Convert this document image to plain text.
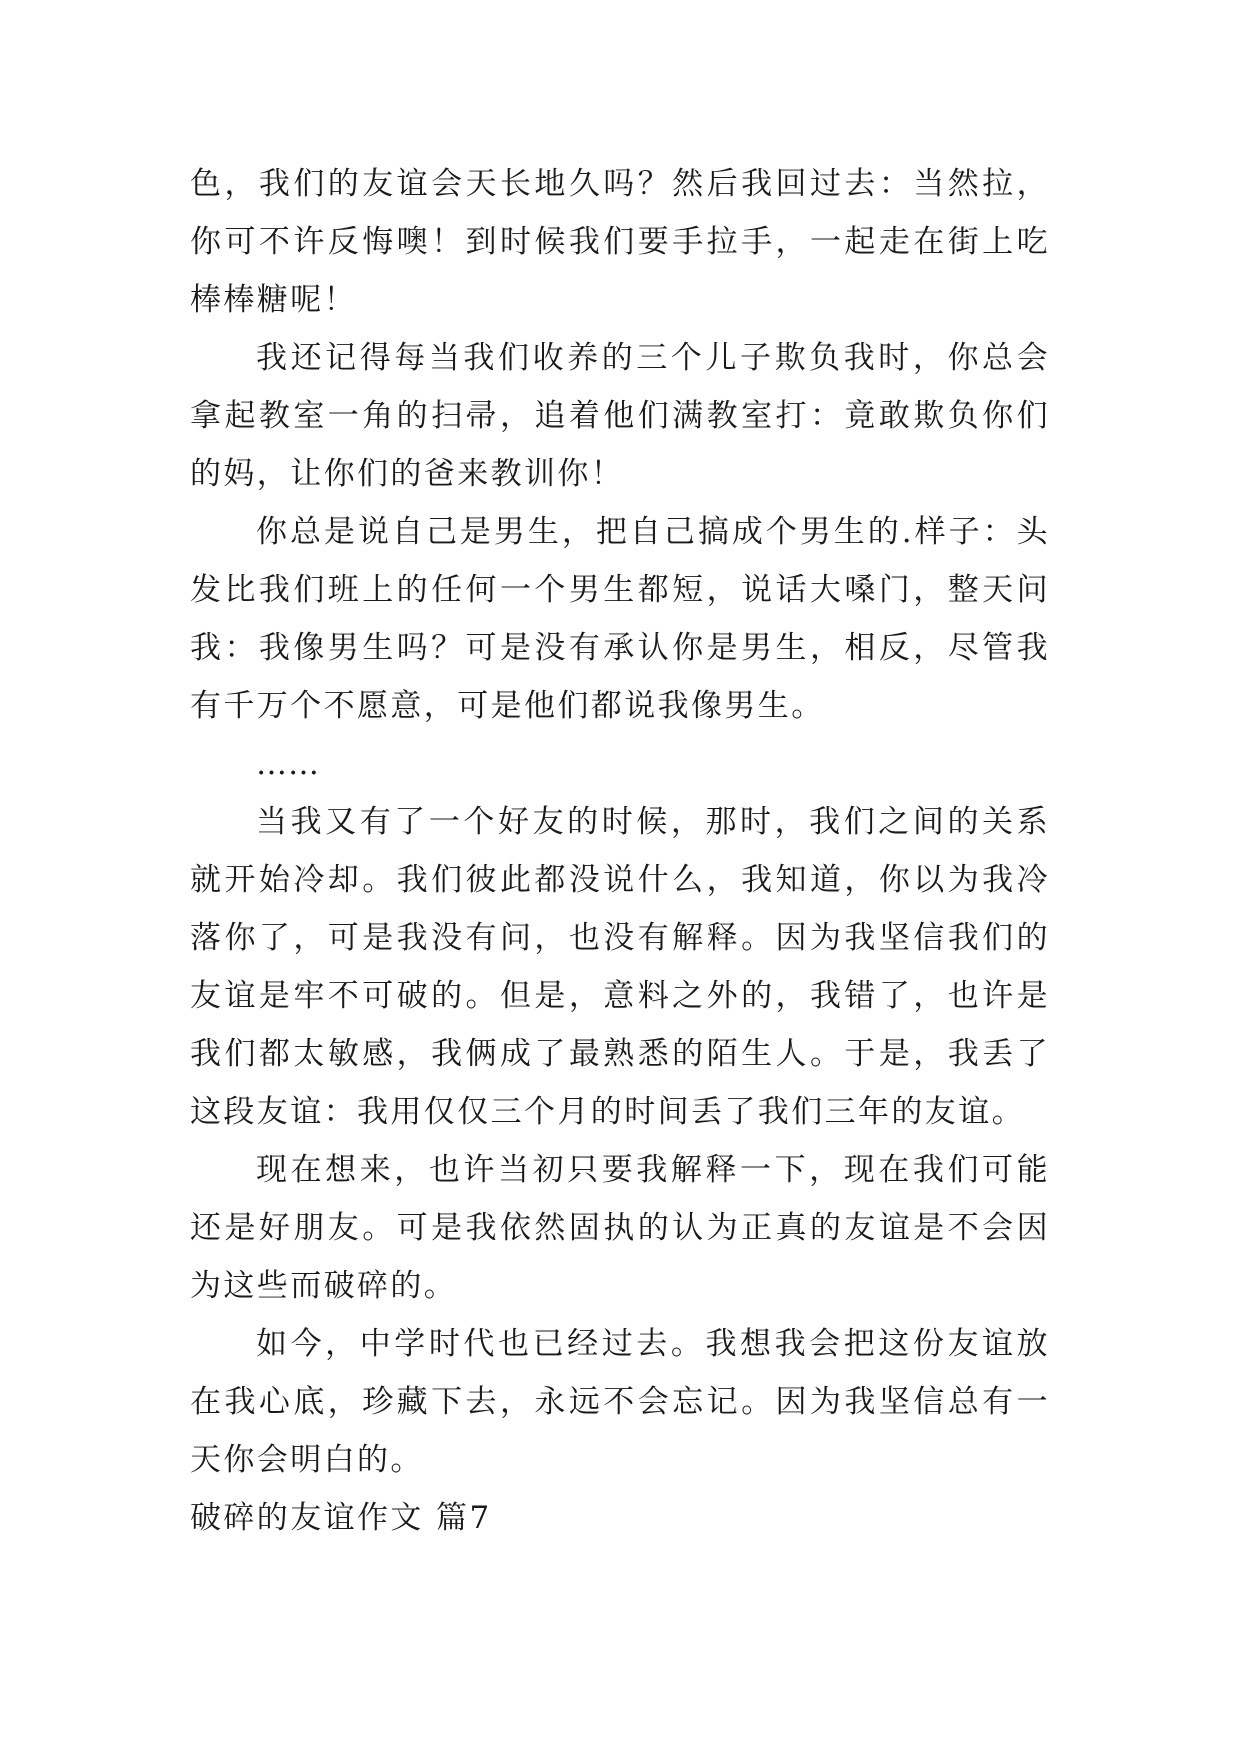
色，我们的友谊会天长地久吗？然后我回过去：当然拉，你可不许反悔噢！到时候我们要手拉手，一起走在街上吃棒棒糖呢！

我还记得每当我们收养的三个儿子欺负我时，你总会拿起教室一角的扫帚，追着他们满教室打：竟敢欺负你们的妈，让你们的爸来教训你！

你总是说自己是男生，把自己搞成个男生的.样子：头发比我们班上的任何一个男生都短，说话大嗓门，整天问我：我像男生吗？可是没有承认你是男生，相反，尽管我有千万个不愿意，可是他们都说我像男生。

……

当我又有了一个好友的时候，那时，我们之间的关系就开始冷却。我们彼此都没说什么，我知道，你以为我冷落你了，可是我没有问，也没有解释。因为我坚信我们的友谊是牢不可破的。但是，意料之外的，我错了，也许是我们都太敏感，我俩成了最熟悉的陌生人。于是，我丢了这段友谊：我用仅仅三个月的时间丢了我们三年的友谊。

现在想来，也许当初只要我解释一下，现在我们可能还是好朋友。可是我依然固执的认为正真的友谊是不会因为这些而破碎的。

如今，中学时代也已经过去。我想我会把这份友谊放在我心底，珍藏下去，永远不会忘记。因为我坚信总有一天你会明白的。

破碎的友谊作文 篇7
